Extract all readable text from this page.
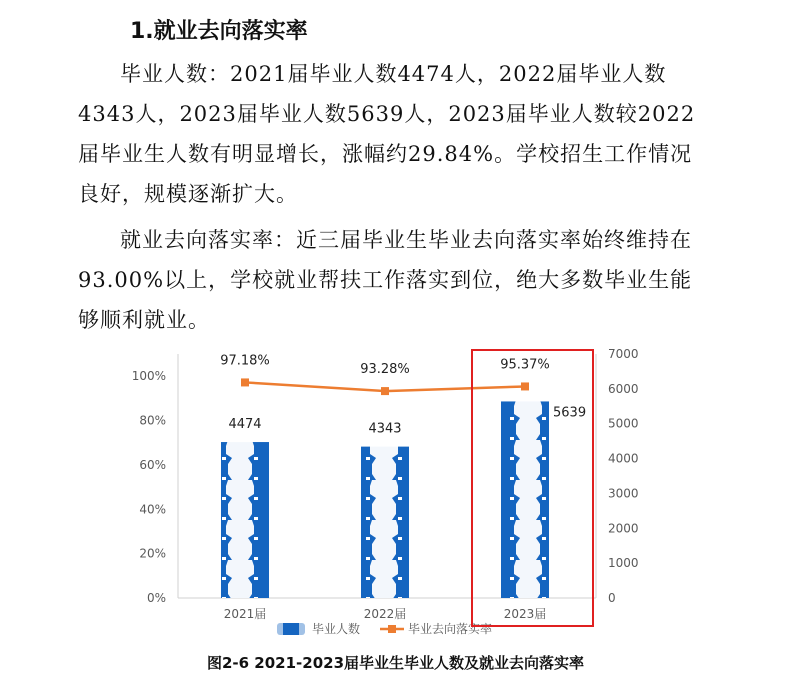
1.就业去向落实率

毕业人数：2021届毕业人数4474人，2022届毕业人数4343人，2023届毕业人数5639人，2023届毕业人数较2022届毕业生人数有明显增长，涨幅约29.84%。学校招生工作情况良好，规模逐渐扩大。

就业去向落实率：近三届毕业生毕业去向落实率始终维持在93.00%以上，学校就业帮扶工作落实到位，绝大多数毕业生能够顺利就业。

0%
20%
40%
60%
80%
100%
0
1000
2000
3000
4000
5000
6000
7000
2021届	2022届	2023届
4474	4343
5639
97.18%
93.28%	95.37%
毕业人数	毕业去向落实率
图2-6 2021-2023届毕业生毕业人数及就业去向落实率
